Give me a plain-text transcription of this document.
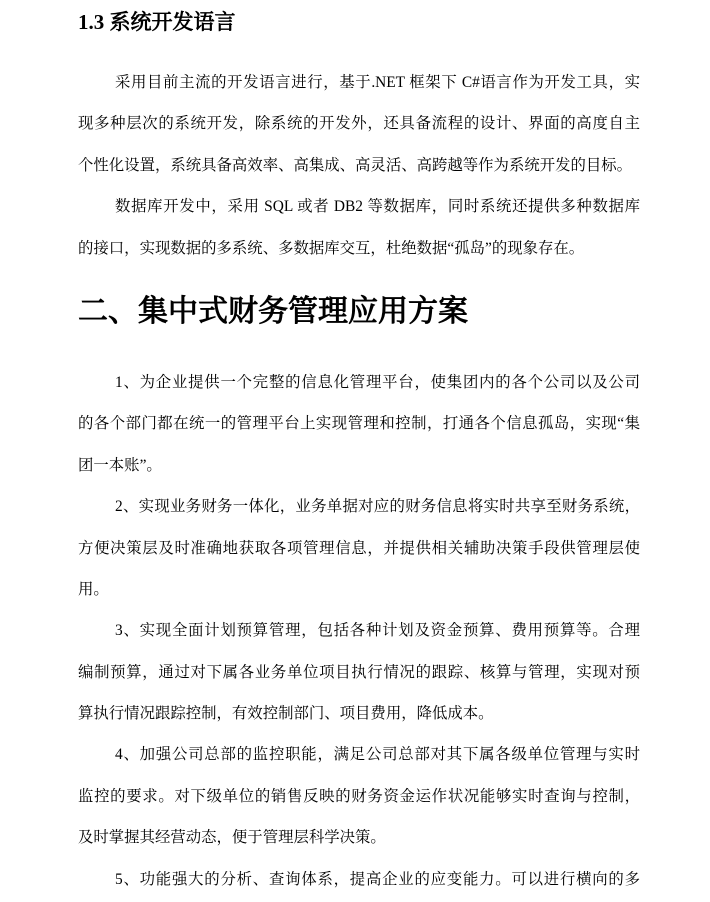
1.3 系统开发语言
采用目前主流的开发语言进行，基于.NET 框架下 C#语言作为开发工具，实
现多种层次的系统开发，除系统的开发外，还具备流程的设计、界面的高度自主
个性化设置，系统具备高效率、高集成、高灵活、高跨越等作为系统开发的目标。
数据库开发中，采用 SQL 或者 DB2 等数据库，同时系统还提供多种数据库
的接口，实现数据的多系统、多数据库交互，杜绝数据“孤岛”的现象存在。
二、集中式财务管理应用方案
1、为企业提供一个完整的信息化管理平台，使集团内的各个公司以及公司
的各个部门都在统一的管理平台上实现管理和控制，打通各个信息孤岛，实现“集
团一本账”。
2、实现业务财务一体化，业务单据对应的财务信息将实时共享至财务系统，
方便决策层及时准确地获取各项管理信息，并提供相关辅助决策手段供管理层使
用。
3、实现全面计划预算管理，包括各种计划及资金预算、费用预算等。合理
编制预算，通过对下属各业务单位项目执行情况的跟踪、核算与管理，实现对预
算执行情况跟踪控制，有效控制部门、项目费用，降低成本。
4、加强公司总部的监控职能，满足公司总部对其下属各级单位管理与实时
监控的要求。对下级单位的销售反映的财务资金运作状况能够实时查询与控制，
及时掌握其经营动态，便于管理层科学决策。
5、功能强大的分析、查询体系，提高企业的应变能力。可以进行横向的多
